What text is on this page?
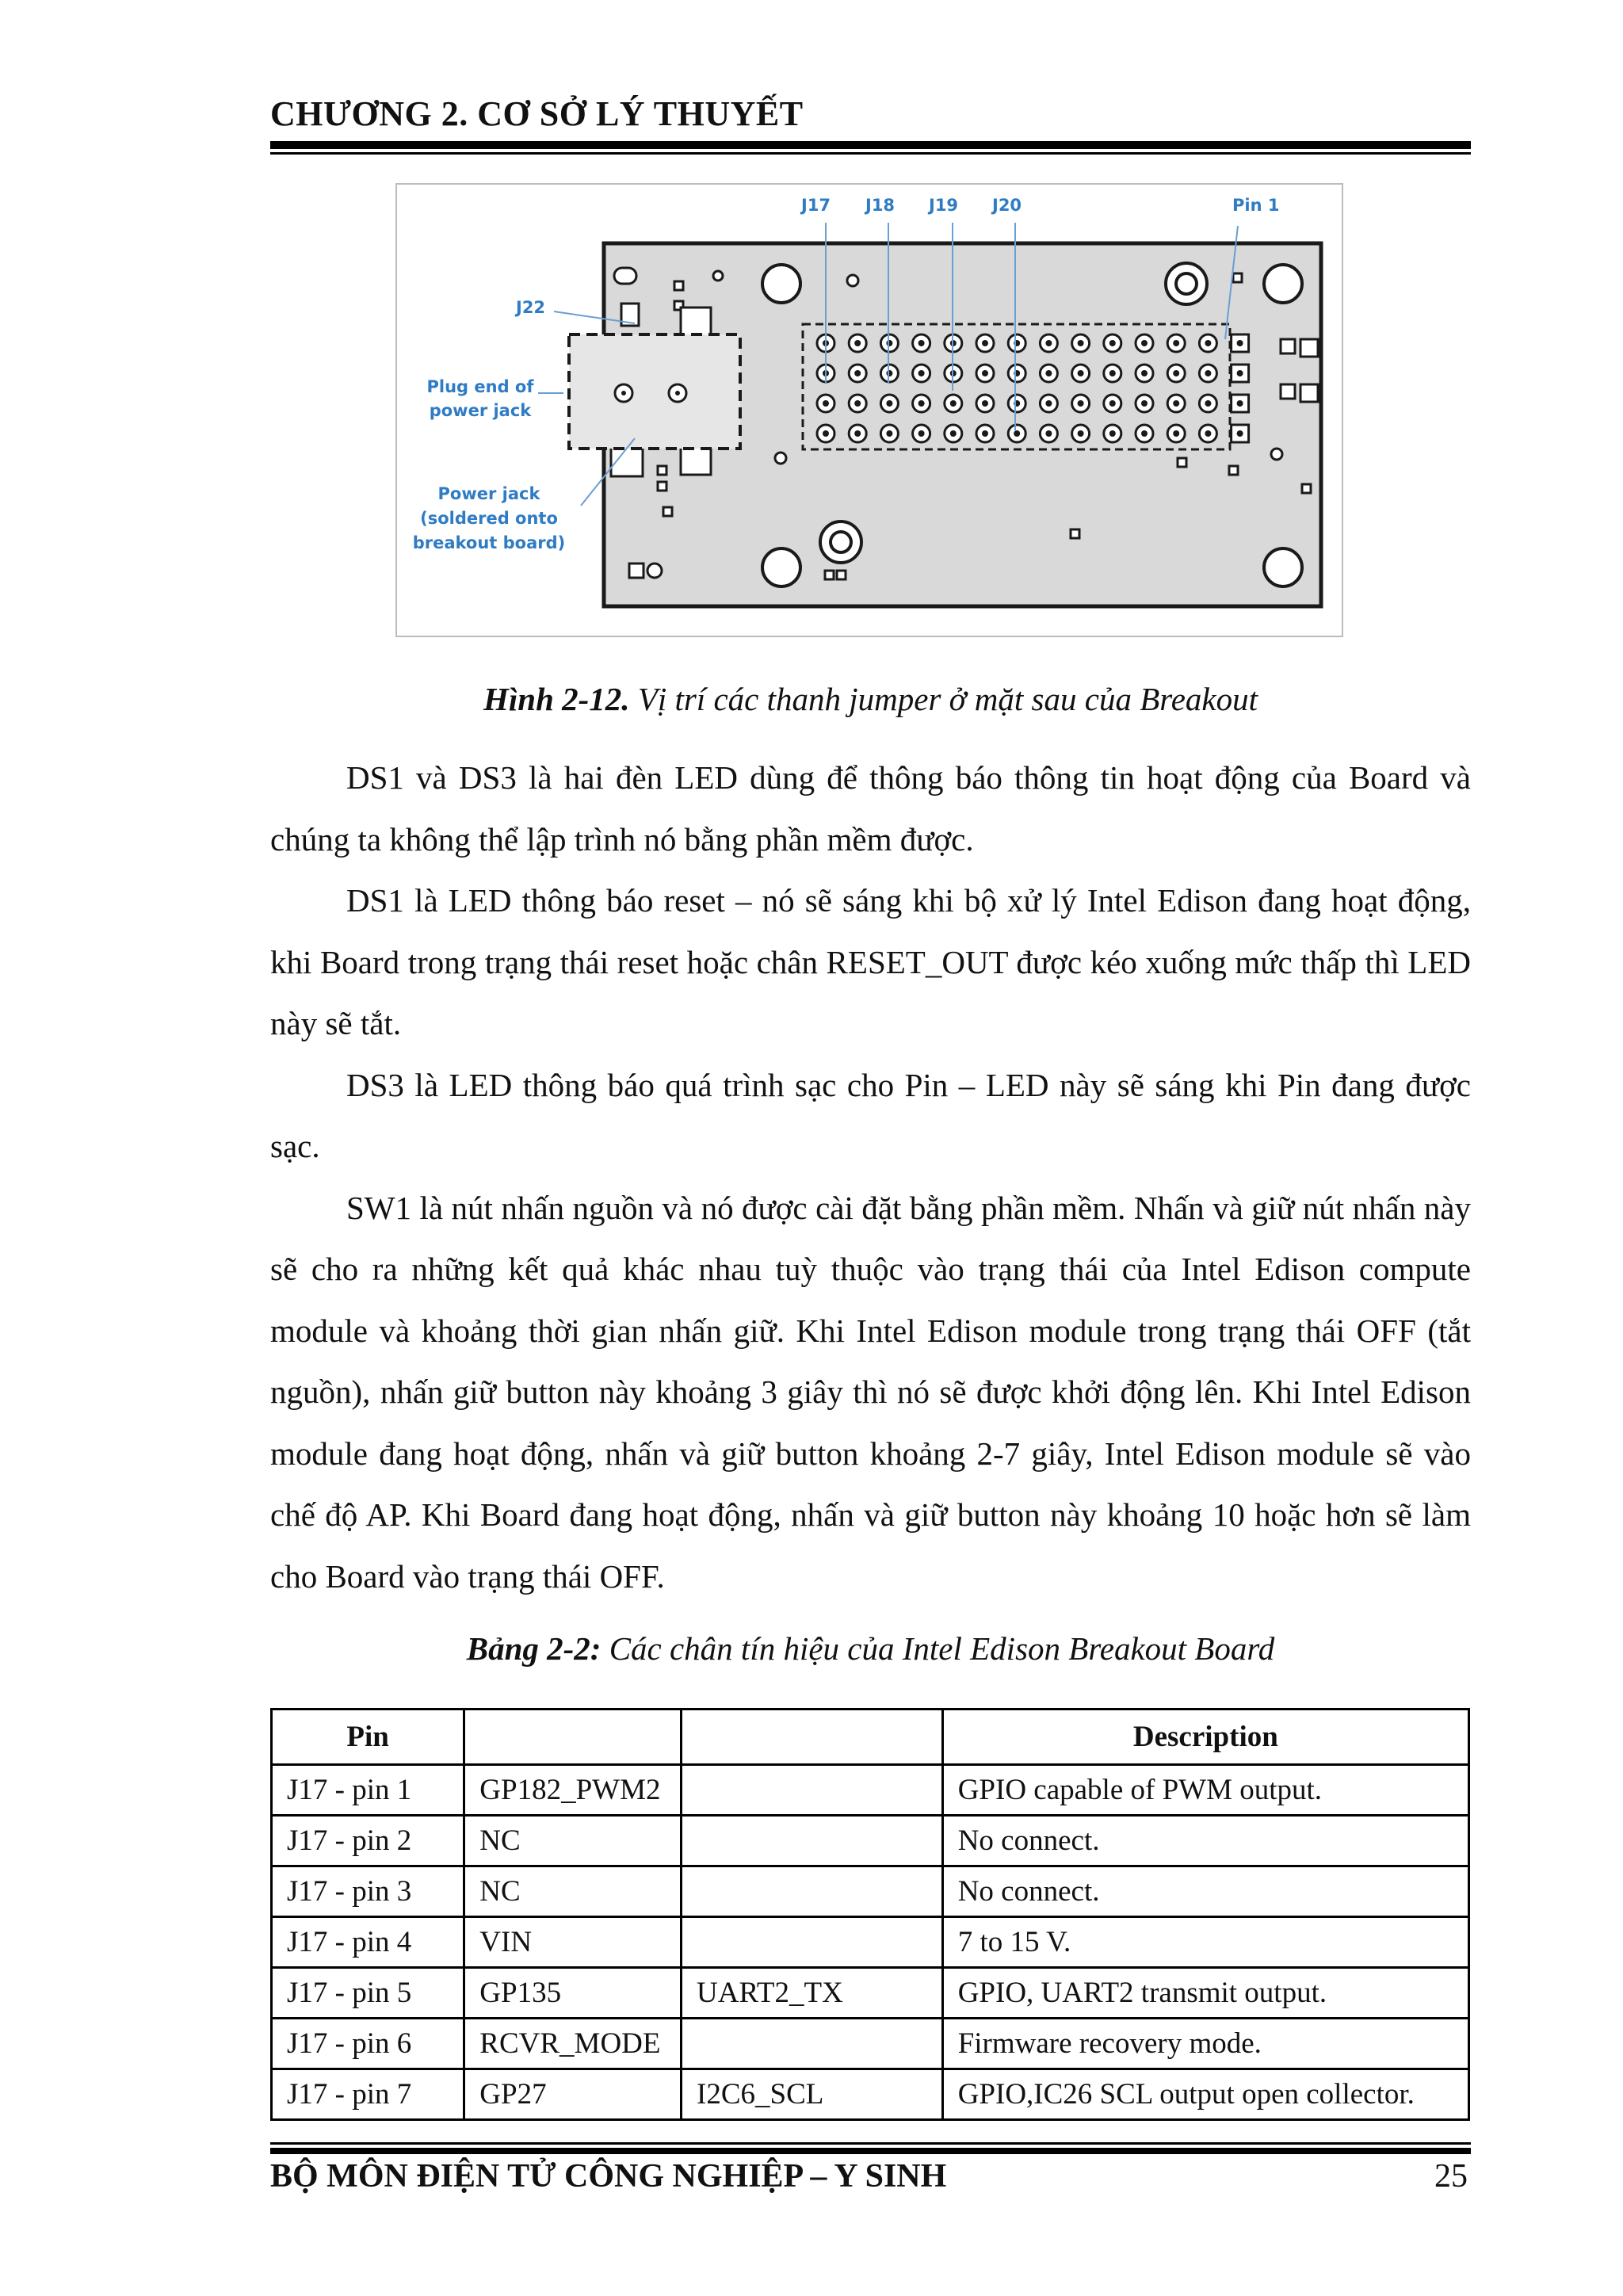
CHƯƠNG 2. CƠ SỞ LÝ THUYẾT
J17 J18 J19 J20	Pin 1
J22
Plug end of
power jack
Power jack
(soldered onto
breakout board)
Hình 2-12. Vị trí các thanh jumper ở mặt sau của Breakout

DS1 và DS3 là hai đèn LED dùng để thông báo thông tin hoạt động của Board và chúng ta không thể lập trình nó bằng phần mềm được.

DS1 là LED thông báo reset – nó sẽ sáng khi bộ xử lý Intel Edison đang hoạt động, khi Board trong trạng thái reset hoặc chân RESET_OUT được kéo xuống mức thấp thì LED này sẽ tắt.

DS3 là LED thông báo quá trình sạc cho Pin – LED này sẽ sáng khi Pin đang được sạc.

SW1 là nút nhấn nguồn và nó được cài đặt bằng phần mềm. Nhấn và giữ nút nhấn này sẽ cho ra những kết quả khác nhau tuỳ thuộc vào trạng thái của Intel Edison compute module và khoảng thời gian nhấn giữ. Khi Intel Edison module trong trạng thái OFF (tắt nguồn), nhấn giữ button này khoảng 3 giây thì nó sẽ được khởi động lên. Khi Intel Edison module đang hoạt động, nhấn và giữ button khoảng 2-7 giây, Intel Edison module sẽ vào chế độ AP. Khi Board đang hoạt động, nhấn và giữ button này khoảng 10 hoặc hơn sẽ làm cho Board vào trạng thái OFF.

Bảng 2-2: Các chân tín hiệu của Intel Edison Breakout Board
Pin			Description
J17 - pin 1	GP182_PWM2		GPIO capable of PWM output.
J17 - pin 2	NC		No connect.
J17 - pin 3	NC		No connect.
J17 - pin 4	VIN		7 to 15 V.
J17 - pin 5	GP135	UART2_TX	GPIO, UART2 transmit output.
J17 - pin 6	RCVR_MODE		Firmware recovery mode.
J17 - pin 7	GP27	I2C6_SCL	GPIO,IC26 SCL output open collector.
BỘ MÔN ĐIỆN TỬ CÔNG NGHIỆP – Y SINH	25
